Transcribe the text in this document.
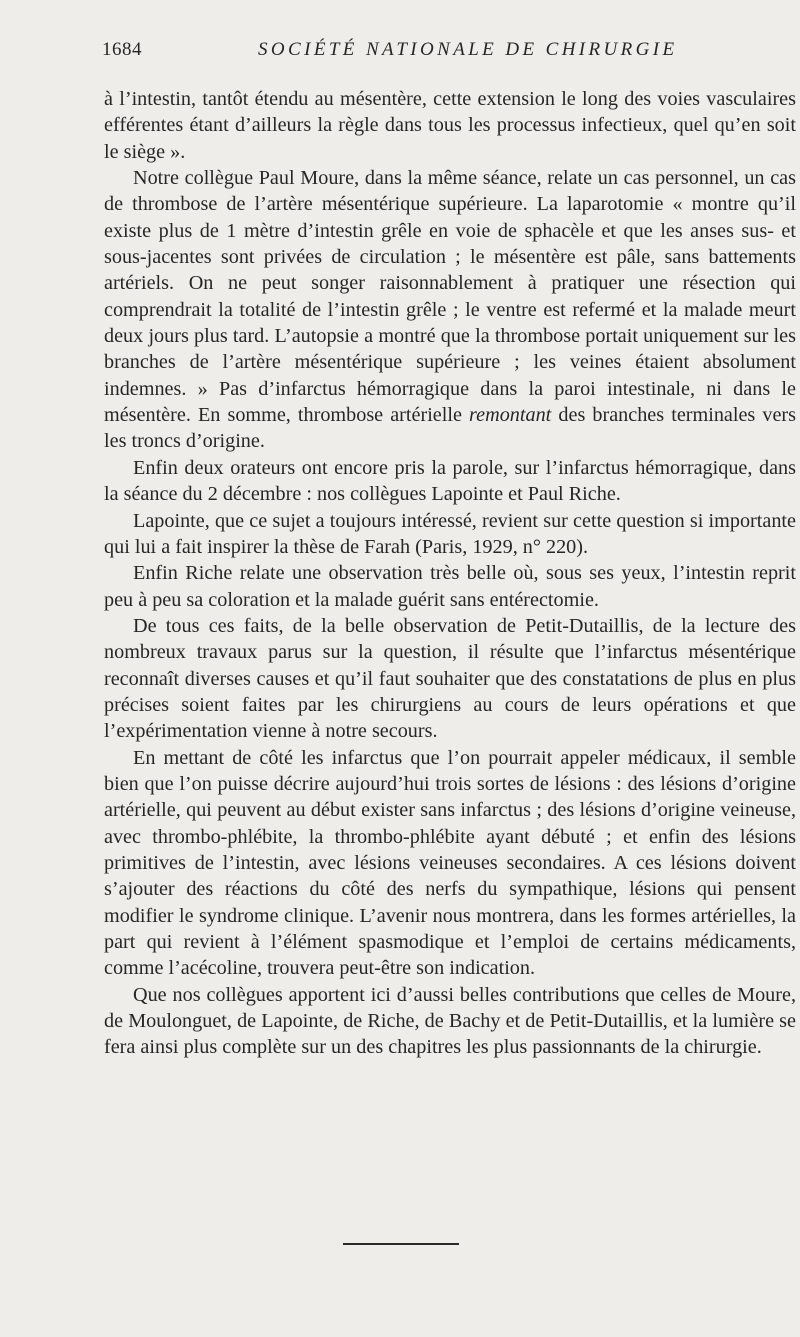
1684	SOCIÉTÉ NATIONALE DE CHIRURGIE

à l’intestin, tantôt étendu au mésentère, cette extension le long des voies vasculaires efférentes étant d’ailleurs la règle dans tous les processus infectieux, quel qu’en soit le siège ».

Notre collègue Paul Moure, dans la même séance, relate un cas personnel, un cas de thrombose de l’artère mésentérique supérieure. La laparotomie « montre qu’il existe plus de 1 mètre d’intestin grêle en voie de sphacèle et que les anses sus- et sous-jacentes sont privées de circulation ; le mésentère est pâle, sans battements artériels. On ne peut songer raisonnablement à pratiquer une résection qui comprendrait la totalité de l’intestin grêle ; le ventre est refermé et la malade meurt deux jours plus tard. L’autopsie a montré que la thrombose portait uniquement sur les branches de l’artère mésentérique supérieure ; les veines étaient absolument indemnes. » Pas d’infarctus hémorragique dans la paroi intestinale, ni dans le mésentère. En somme, thrombose artérielle remontant des branches terminales vers les troncs d’origine.

Enfin deux orateurs ont encore pris la parole, sur l’infarctus hémorragique, dans la séance du 2 décembre : nos collègues Lapointe et Paul Riche.

Lapointe, que ce sujet a toujours intéressé, revient sur cette question si importante qui lui a fait inspirer la thèse de Farah (Paris, 1929, n° 220).

Enfin Riche relate une observation très belle où, sous ses yeux, l’intestin reprit peu à peu sa coloration et la malade guérit sans entérectomie.

De tous ces faits, de la belle observation de Petit-Dutaillis, de la lecture des nombreux travaux parus sur la question, il résulte que l’infarctus mésentérique reconnaît diverses causes et qu’il faut souhaiter que des constatations de plus en plus précises soient faites par les chirurgiens au cours de leurs opérations et que l’expérimentation vienne à notre secours.

En mettant de côté les infarctus que l’on pourrait appeler médicaux, il semble bien que l’on puisse décrire aujourd’hui trois sortes de lésions : des lésions d’origine artérielle, qui peuvent au début exister sans infarctus ; des lésions d’origine veineuse, avec thrombo-phlébite, la thrombo-phlébite ayant débuté ; et enfin des lésions primitives de l’intestin, avec lésions veineuses secondaires. A ces lésions doivent s’ajouter des réactions du côté des nerfs du sympathique, lésions qui pensent modifier le syndrome clinique. L’avenir nous montrera, dans les formes artérielles, la part qui revient à l’élément spasmodique et l’emploi de certains médicaments, comme l’acécoline, trouvera peut-être son indication.

Que nos collègues apportent ici d’aussi belles contributions que celles de Moure, de Moulonguet, de Lapointe, de Riche, de Bachy et de Petit-Dutaillis, et la lumière se fera ainsi plus complète sur un des chapitres les plus passionnants de la chirurgie.
